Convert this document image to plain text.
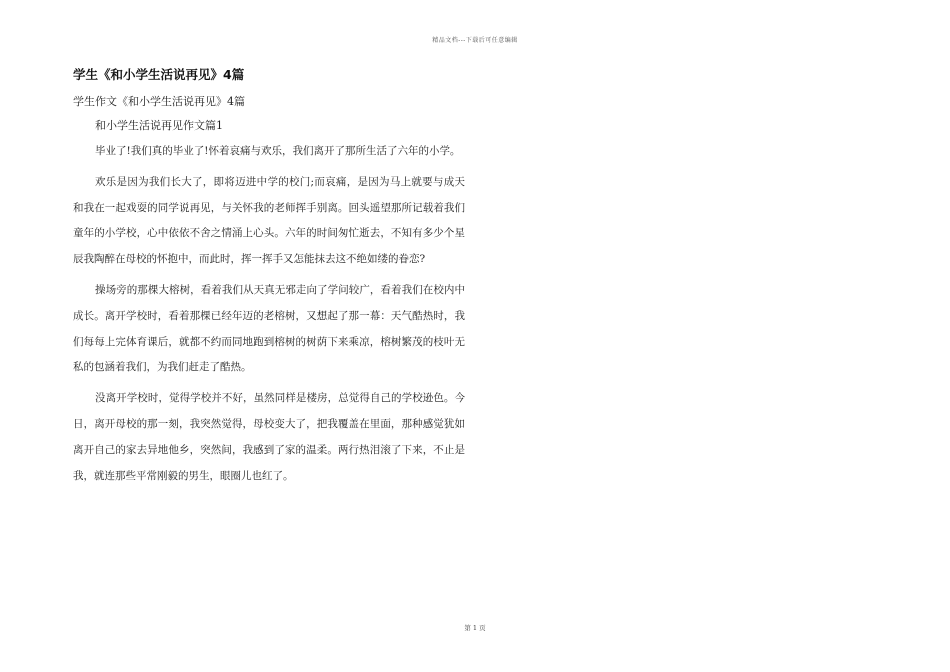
精品文档---下载后可任意编辑
学生《和小学生活说再见》4篇
学生作文《和小学生活说再见》4篇
和小学生活说再见作文篇1

毕业了!我们真的毕业了!怀着哀痛与欢乐，我们离开了那所生活了六年的小学。

欢乐是因为我们长大了，即将迈进中学的校门;而哀痛，是因为马上就要与成天和我在一起戏耍的同学说再见，与关怀我的老师挥手别离。回头遥望那所记载着我们童年的小学校，心中依依不舍之情涌上心头。六年的时间匆忙逝去，不知有多少个星辰我陶醉在母校的怀抱中，而此时，挥一挥手又怎能抹去这不绝如缕的眷恋?

操场旁的那棵大榕树，看着我们从天真无邪走向了学问较广，看着我们在校内中成长。离开学校时，看着那棵已经年迈的老榕树，又想起了那一幕：天气酷热时，我们每每上完体育课后，就都不约而同地跑到榕树的树荫下来乘凉，榕树繁茂的枝叶无私的包涵着我们，为我们赶走了酷热。

没离开学校时，觉得学校并不好，虽然同样是楼房，总觉得自己的学校逊色。今日，离开母校的那一刻，我突然觉得，母校变大了，把我覆盖在里面，那种感觉犹如离开自己的家去异地他乡，突然间，我感到了家的温柔。两行热泪滚了下来，不止是我，就连那些平常刚毅的男生，眼圈儿也红了。

第 1 页
